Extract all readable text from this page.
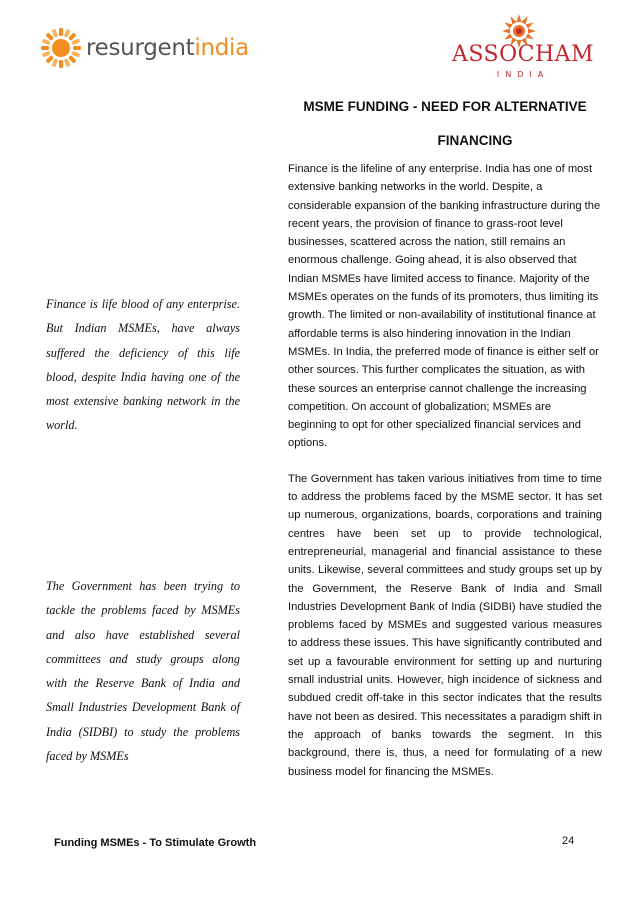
resurgentindia	ASSOCHAM
INDIA
MSME FUNDING - NEED FOR ALTERNATIVE
FINANCING

Finance is life blood of any enterprise. But Indian MSMEs, have always suffered the deficiency of this life blood, despite India having one of the most extensive banking network in the world.

The Government has been trying to tackle the problems faced by MSMEs and also have established several committees and study groups along with the Reserve Bank of India and Small Industries Development Bank of India (SIDBI) to study the problems faced by MSMEs

Finance is the lifeline of any enterprise. India has one of most extensive banking networks in the world. Despite, a considerable expansion of the banking infrastructure during the recent years, the provision of finance to grass-root level businesses, scattered across the nation, still remains an enormous challenge. Going ahead, it is also observed that Indian MSMEs have limited access to finance. Majority of the MSMEs operates on the funds of its promoters, thus limiting its growth. The limited or non-availability of institutional finance at affordable terms is also hindering innovation in the Indian MSMEs. In India, the preferred mode of finance is either self or other sources. This further complicates the situation, as with these sources an enterprise cannot challenge the increasing competition. On account of globalization; MSMEs are beginning to opt for other specialized financial services and options.

The Government has taken various initiatives from time to time to address the problems faced by the MSME sector. It has set up numerous, organizations, boards, corporations and training centres have been set up to provide technological, entrepreneurial, managerial and financial assistance to these units. Likewise, several committees and study groups set up by the Government, the Reserve Bank of India and Small Industries Development Bank of India (SIDBI) have studied the problems faced by MSMEs and suggested various measures to address these issues. This have significantly contributed and set up a favourable environment for setting up and nurturing small industrial units. However, high incidence of sickness and subdued credit off-take in this sector indicates that the results have not been as desired. This necessitates a paradigm shift in the approach of banks towards the segment. In this background, there is, thus, a need for formulating of a new business model for financing the MSMEs.

Funding MSMEs - To Stimulate Growth	24
